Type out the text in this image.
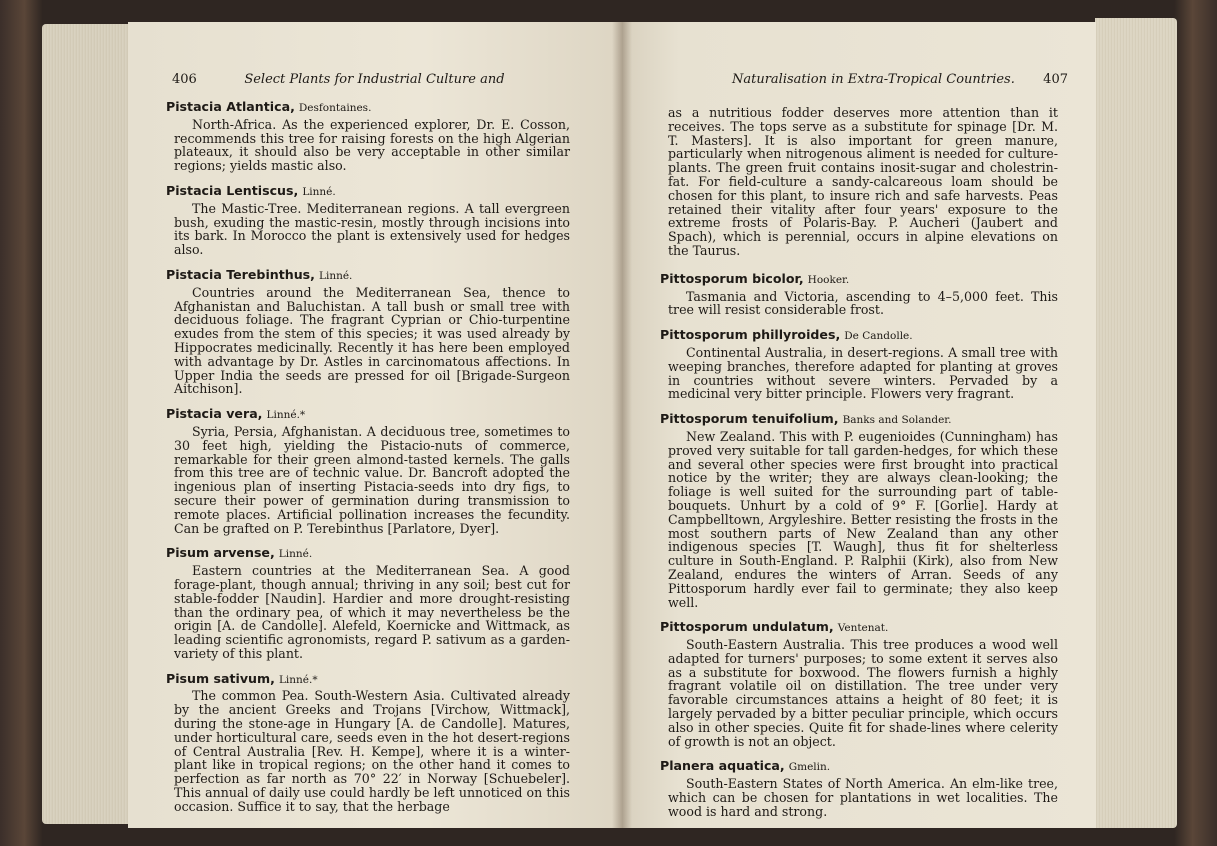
406	Select Plants for Industrial Culture and
Pistacia Atlantica, Desfontaines.

North-Africa. As the experienced explorer, Dr. E. Cosson, recommends this tree for raising forests on the high Algerian plateaux, it should also be very acceptable in other similar regions; yields mastic also.

Pistacia Lentiscus, Linné.

The Mastic-Tree. Mediterranean regions. A tall evergreen bush, exuding the mastic-resin, mostly through incisions into its bark. In Morocco the plant is extensively used for hedges also.

Pistacia Terebinthus, Linné.

Countries around the Mediterranean Sea, thence to Afghanistan and Baluchistan. A tall bush or small tree with deciduous foliage. The fragrant Cyprian or Chio-turpentine exudes from the stem of this species; it was used already by Hippocrates medicinally. Recently it has here been employed with advantage by Dr. Astles in carcinomatous affections. In Upper India the seeds are pressed for oil [Brigade-Surgeon Aitchison].

Pistacia vera, Linné.*

Syria, Persia, Afghanistan. A deciduous tree, sometimes to 30 feet high, yielding the Pistacio-nuts of commerce, remarkable for their green almond-tasted kernels. The galls from this tree are of technic value. Dr. Bancroft adopted the ingenious plan of inserting Pistacia-seeds into dry figs, to secure their power of germination during transmission to remote places. Artificial pollination increases the fecundity. Can be grafted on P. Terebinthus [Parlatore, Dyer].

Pisum arvense, Linné.

Eastern countries at the Mediterranean Sea. A good forage-plant, though annual; thriving in any soil; best cut for stable-fodder [Naudin]. Hardier and more drought-resisting than the ordinary pea, of which it may nevertheless be the origin [A. de Candolle]. Alefeld, Koernicke and Wittmack, as leading scientific agronomists, regard P. sativum as a garden-variety of this plant.

Pisum sativum, Linné.*

The common Pea. South-Western Asia. Cultivated already by the ancient Greeks and Trojans [Virchow, Wittmack], during the stone-age in Hungary [A. de Candolle]. Matures, under horticultural care, seeds even in the hot desert-regions of Central Australia [Rev. H. Kempe], where it is a winter-plant like in tropical regions; on the other hand it comes to perfection as far north as 70° 22′ in Norway [Schuebeler]. This annual of daily use could hardly be left unnoticed on this occasion. Suffice it to say, that the herbage

Naturalisation in Extra-Tropical Countries. 407

as a nutritious fodder deserves more attention than it receives. The tops serve as a substitute for spinage [Dr. M. T. Masters]. It is also important for green manure, particularly when nitrogenous aliment is needed for culture-plants. The green fruit contains inosit-sugar and cholestrin-fat. For field-culture a sandy-calcareous loam should be chosen for this plant, to insure rich and safe harvests. Peas retained their vitality after four years' exposure to the extreme frosts of Polaris-Bay. P. Aucheri (Jaubert and Spach), which is perennial, occurs in alpine elevations on the Taurus.

Pittosporum bicolor, Hooker.

Tasmania and Victoria, ascending to 4–5,000 feet. This tree will resist considerable frost.

Pittosporum phillyroides, De Candolle.

Continental Australia, in desert-regions. A small tree with weeping branches, therefore adapted for planting at groves in countries without severe winters. Pervaded by a medicinal very bitter principle. Flowers very fragrant.

Pittosporum tenuifolium, Banks and Solander.

New Zealand. This with P. eugenioides (Cunningham) has proved very suitable for tall garden-hedges, for which these and several other species were first brought into practical notice by the writer; they are always clean-looking; the foliage is well suited for the surrounding part of table-bouquets. Unhurt by a cold of 9° F. [Gorlie]. Hardy at Campbelltown, Argyleshire. Better resisting the frosts in the most southern parts of New Zealand than any other indigenous species [T. Waugh], thus fit for shelterless culture in South-England. P. Ralphii (Kirk), also from New Zealand, endures the winters of Arran. Seeds of any Pittosporum hardly ever fail to germinate; they also keep well.

Pittosporum undulatum, Ventenat.

South-Eastern Australia. This tree produces a wood well adapted for turners' purposes; to some extent it serves also as a substitute for boxwood. The flowers furnish a highly fragrant volatile oil on distillation. The tree under very favorable circumstances attains a height of 80 feet; it is largely pervaded by a bitter peculiar principle, which occurs also in other species. Quite fit for shade-lines where celerity of growth is not an object.

Planera aquatica, Gmelin.

South-Eastern States of North America. An elm-like tree, which can be chosen for plantations in wet localities. The wood is hard and strong.
